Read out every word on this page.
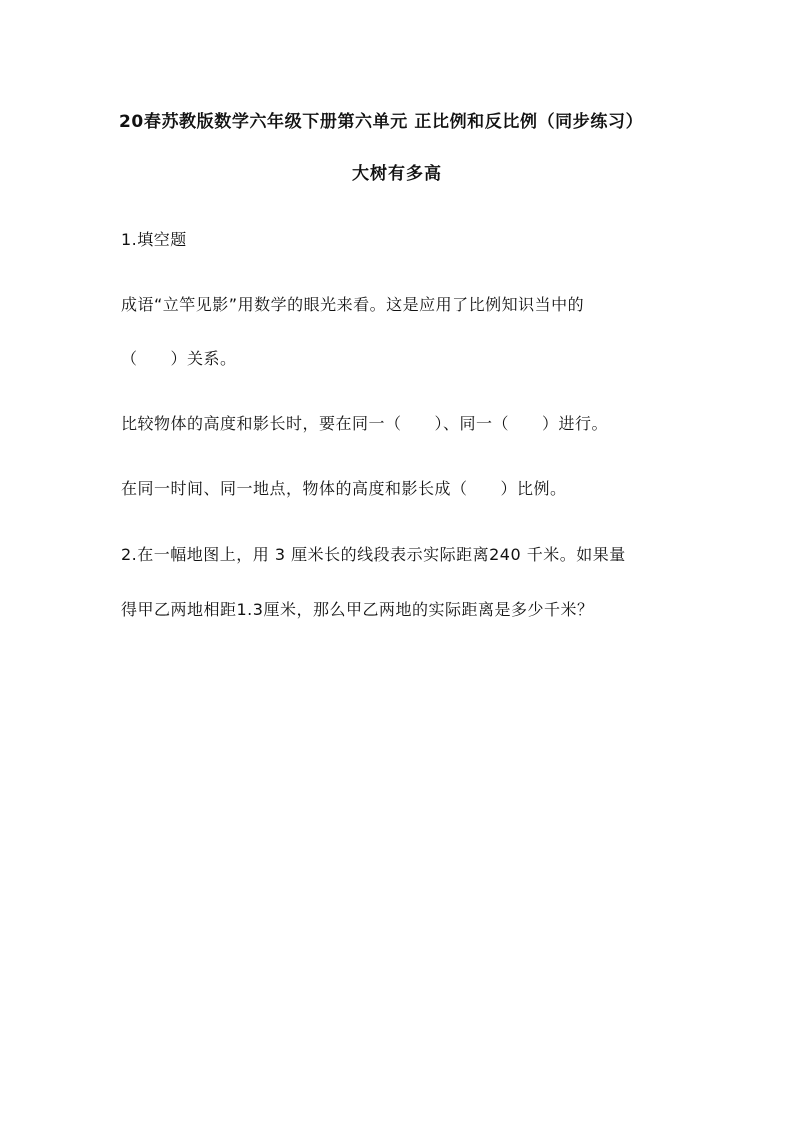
20春苏教版数学六年级下册第六单元 正比例和反比例（同步练习）
大树有多高
1.填空题
成语“立竿见影”用数学的眼光来看。这是应用了比例知识当中的
（　　）关系。
比较物体的高度和影长时，要在同一（　　）、同一（　　）进行。
在同一时间、同一地点，物体的高度和影长成（　　）比例。
2.在一幅地图上，用 3 厘米长的线段表示实际距离240 千米。如果量
得甲乙两地相距1.3厘米，那么甲乙两地的实际距离是多少千米？
